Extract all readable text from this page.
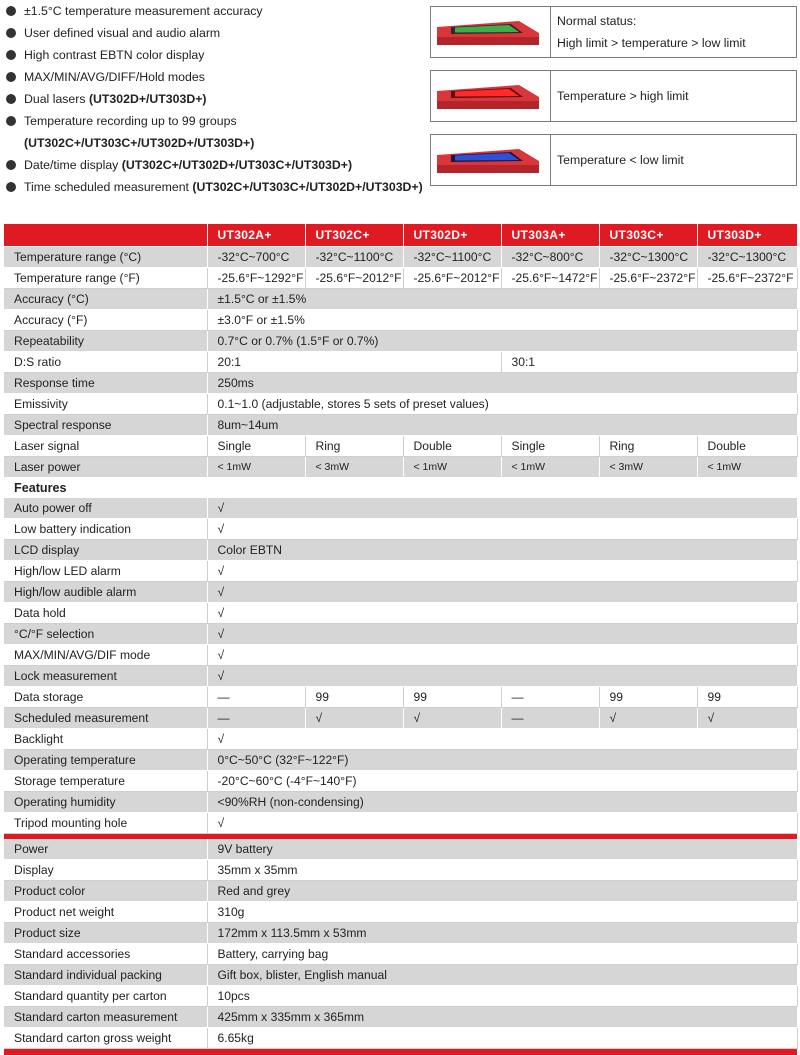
±1.5°C temperature measurement accuracy
User defined visual and audio alarm
High contrast EBTN color display
MAX/MIN/AVG/DIFF/Hold modes
Dual lasers (UT302D+/UT303D+)
Temperature recording up to 99 groups
(UT302C+/UT303C+/UT302D+/UT303D+)
Date/time display (UT302C+/UT302D+/UT303C+/UT303D+)
Time scheduled measurement (UT302C+/UT303C+/UT302D+/UT303D+)
Normal status:
High limit > temperature > low limit
Temperature > high limit
Temperature < low limit
	UT302A+	UT302C+	UT302D+	UT303A+	UT303C+	UT303D+
Temperature range (°C)	-32°C~700°C	-32°C~1100°C	-32°C~1100°C	-32°C~800°C	-32°C~1300°C	-32°C~1300°C
Temperature range (°F)	-25.6°F~1292°F	-25.6°F~2012°F	-25.6°F~2012°F	-25.6°F~1472°F	-25.6°F~2372°F	-25.6°F~2372°F
Accuracy (°C)	±1.5°C or ±1.5%					
Accuracy (°F)	±3.0°F or ±1.5%					
Repeatability	0.7°C or 0.7% (1.5°F or 0.7%)					
D:S ratio	20:1			30:1		
Response time	250ms					
Emissivity	0.1~1.0 (adjustable, stores 5 sets of preset values)					
Spectral response	8um~14um					
Laser signal	Single	Ring	Double	Single	Ring	Double
Laser power	< 1mW	< 3mW	< 1mW	< 1mW	< 3mW	< 1mW
Features						
Auto power off	√					
Low battery indication	√					
LCD display	Color EBTN					
High/low LED alarm	√					
High/low audible alarm	√					
Data hold	√					
°C/°F selection	√					
MAX/MIN/AVG/DIF mode	√					
Lock measurement	√					
Data storage	—	99	99	—	99	99
Scheduled measurement	—	√	√	—	√	√
Backlight	√					
Operating temperature	0°C~50°C (32°F~122°F)					
Storage temperature	-20°C~60°C (-4°F~140°F)					
Operating humidity	<90%RH (non-condensing)					
Tripod mounting hole	√					

Power	9V battery					
Display	35mm x 35mm					
Product color	Red and grey					
Product net weight	310g					
Product size	172mm x 113.5mm x 53mm					
Standard accessories	Battery, carrying bag					
Standard individual packing	Gift box, blister, English manual					
Standard quantity per carton	10pcs					
Standard carton measurement	425mm x 335mm x 365mm					
Standard carton gross weight	6.65kg					
